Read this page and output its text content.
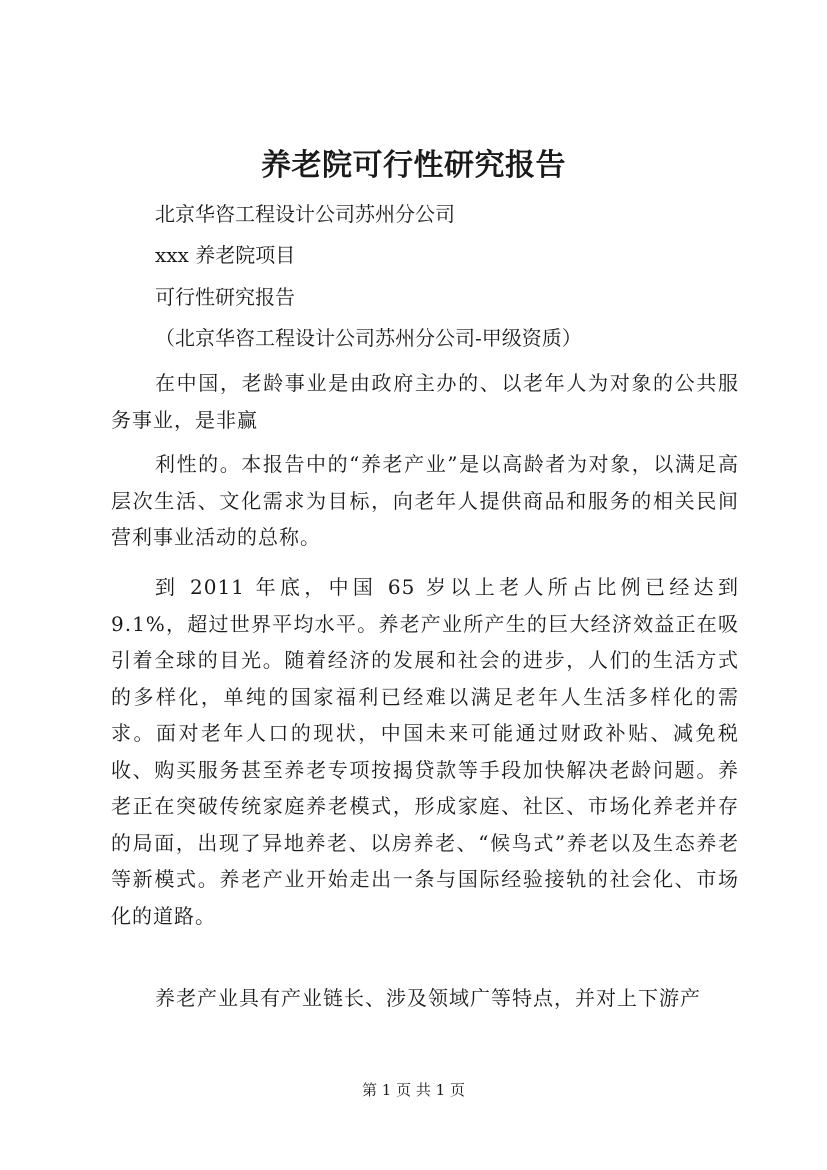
养老院可行性研究报告
北京华咨工程设计公司苏州分公司
xxx 养老院项目
可行性研究报告
（北京华咨工程设计公司苏州分公司-甲级资质）
在中国，老龄事业是由政府主办的、以老年人为对象的公共服务事业，是非赢
利性的。本报告中的“养老产业”是以高龄者为对象，以满足高层次生活、文化需求为目标，向老年人提供商品和服务的相关民间营利事业活动的总称。
到 2011 年底，中国 65 岁以上老人所占比例已经达到 9.1%，超过世界平均水平。养老产业所产生的巨大经济效益正在吸引着全球的目光。随着经济的发展和社会的进步，人们的生活方式的多样化，单纯的国家福利已经难以满足老年人生活多样化的需求。面对老年人口的现状，中国未来可能通过财政补贴、减免税收、购买服务甚至养老专项按揭贷款等手段加快解决老龄问题。养老正在突破传统家庭养老模式，形成家庭、社区、市场化养老并存的局面，出现了异地养老、以房养老、“候鸟式”养老以及生态养老等新模式。养老产业开始走出一条与国际经验接轨的社会化、市场化的道路。
养老产业具有产业链长、涉及领域广等特点，并对上下游产
第 1 页 共 1 页
